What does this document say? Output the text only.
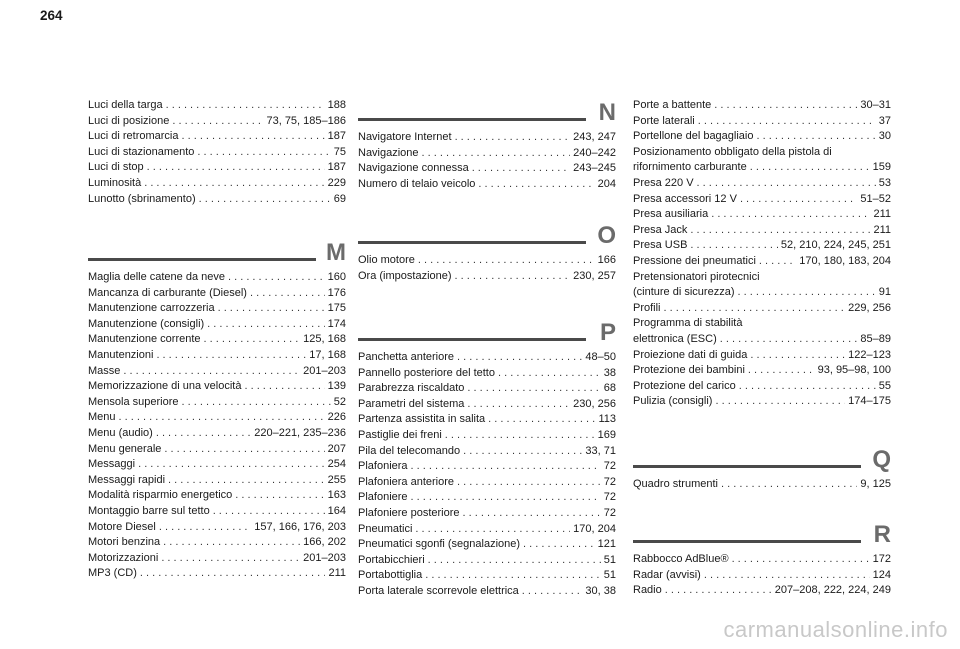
264
Luci della targa . . .	188
Luci di posizione . . .	73, 75, 185–186
Luci di retromarcia . . .	187
Luci di stazionamento . . .	75
Luci di stop . . .	187
Luminosità . . .	229
Lunotto (sbrinamento) . . .	69
M
Maglia delle catene da neve . . .	160
Mancanza di carburante (Diesel) . . .	176
Manutenzione carrozzeria . . .	175
Manutenzione (consigli) . . .	174
Manutenzione corrente . . .	125, 168
Manutenzioni . . .	17, 168
Masse . . .	201–203
Memorizzazione di una velocità . . .	139
Mensola superiore . . .	52
Menu . . .	226
Menu (audio) . . .	220–221, 235–236
Menu generale . . .	207
Messaggi . . .	254
Messaggi rapidi . . .	255
Modalità risparmio energetico . . .	163
Montaggio barre sul tetto . . .	164
Motore Diesel . . .	157, 166, 176, 203
Motori benzina . . .	166, 202
Motorizzazioni . . .	201–203
MP3 (CD) . . .	211
N
Navigatore Internet . . .	243, 247
Navigazione . . .	240–242
Navigazione connessa . . .	243–245
Numero di telaio veicolo . . .	204
O
Olio motore . . .	166
Ora (impostazione) . . .	230, 257
P
Panchetta anteriore . . .	48–50
Pannello posteriore del tetto . . .	38
Parabrezza riscaldato . . .	68
Parametri del sistema . . .	230, 256
Partenza assistita in salita . . .	113
Pastiglie dei freni . . .	169
Pila del telecomando . . .	33, 71
Plafoniera . . .	72
Plafoniera anteriore . . .	72
Plafoniere . . .	72
Plafoniere posteriore . . .	72
Pneumatici . . .	170, 204
Pneumatici sgonfi (segnalazione) . . .	121
Portabicchieri . . .	51
Portabottiglia . . .	51
Porta laterale scorrevole elettrica . . .	30, 38
Porte a battente . . .	30–31
Porte laterali . . .	37
Portellone del bagagliaio . . .	30
Posizionamento obbligato della pistola di
rifornimento carburante . . .	159
Presa 220 V . . .	53
Presa accessori 12 V . . .	51–52
Presa ausiliaria . . .	211
Presa Jack . . .	211
Presa USB . . .	52, 210, 224, 245, 251
Pressione dei pneumatici . . .	170, 180, 183, 204
Pretensionatori pirotecnici
(cinture di sicurezza) . . .	91
Profili . . .	229, 256
Programma di stabilità
elettronica (ESC) . . .	85–89
Proiezione dati di guida . . .	122–123
Protezione dei bambini . . .	93, 95–98, 100
Protezione del carico . . .	55
Pulizia (consigli) . . .	174–175
Q
Quadro strumenti . . .	9, 125
R
Rabbocco AdBlue® . . .	172
Radar (avvisi) . . .	124
Radio . . .	207–208, 222, 224, 249
carmanualsonline.info
